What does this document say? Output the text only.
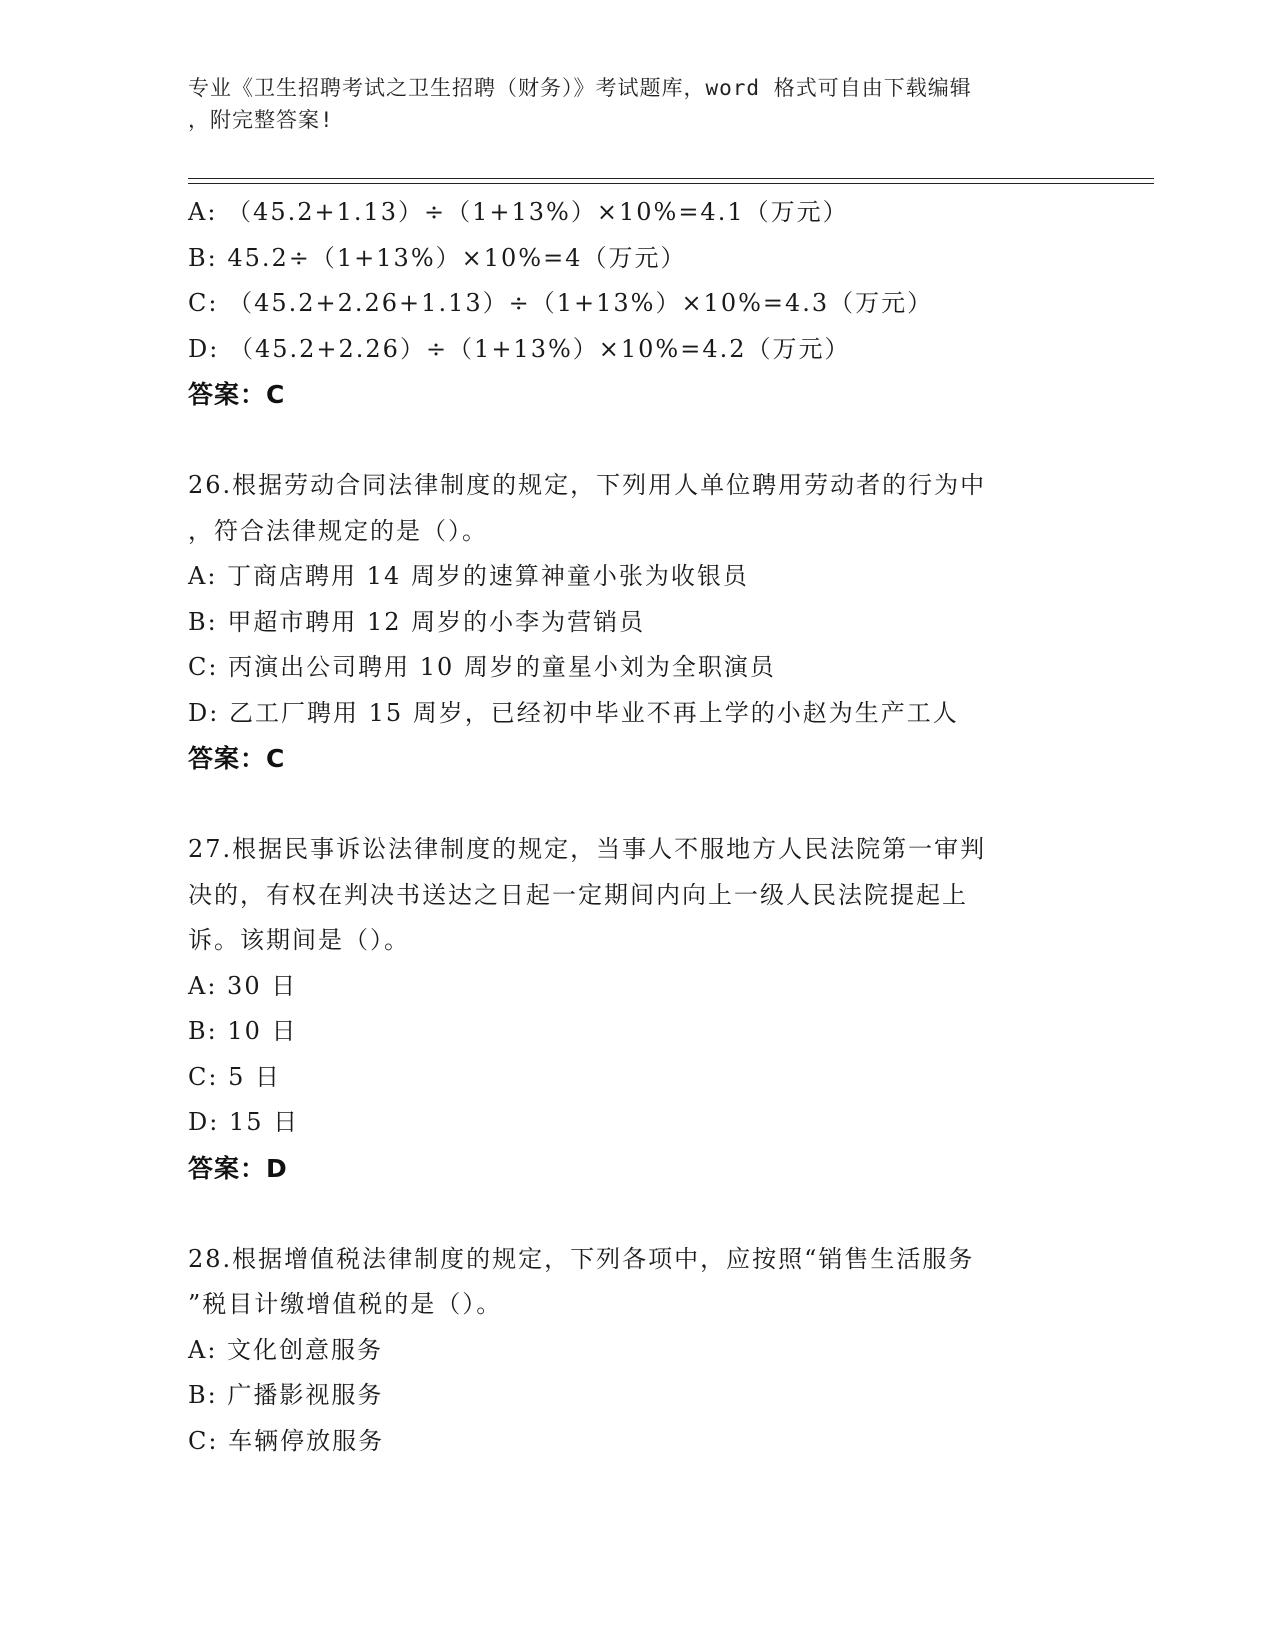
专业《卫生招聘考试之卫生招聘（财务）》考试题库，word 格式可自由下载编辑
，附完整答案!
A: （45.2+1.13）÷（1+13%）×10%=4.1（万元）
B: 45.2÷（1+13%）×10%=4（万元）
C: （45.2+2.26+1.13）÷（1+13%）×10%=4.3（万元）
D: （45.2+2.26）÷（1+13%）×10%=4.2（万元）
答案：C
26.根据劳动合同法律制度的规定，下列用人单位聘用劳动者的行为中
，符合法律规定的是（）。
A: 丁商店聘用 14 周岁的速算神童小张为收银员
B: 甲超市聘用 12 周岁的小李为营销员
C: 丙演出公司聘用 10 周岁的童星小刘为全职演员
D: 乙工厂聘用 15 周岁，已经初中毕业不再上学的小赵为生产工人
答案：C
27.根据民事诉讼法律制度的规定，当事人不服地方人民法院第一审判
决的，有权在判决书送达之日起一定期间内向上一级人民法院提起上
诉。该期间是（）。
A: 30 日
B: 10 日
C: 5 日
D: 15 日
答案：D
28.根据增值税法律制度的规定，下列各项中，应按照“销售生活服务
”税目计缴增值税的是（）。
A: 文化创意服务
B: 广播影视服务
C: 车辆停放服务
